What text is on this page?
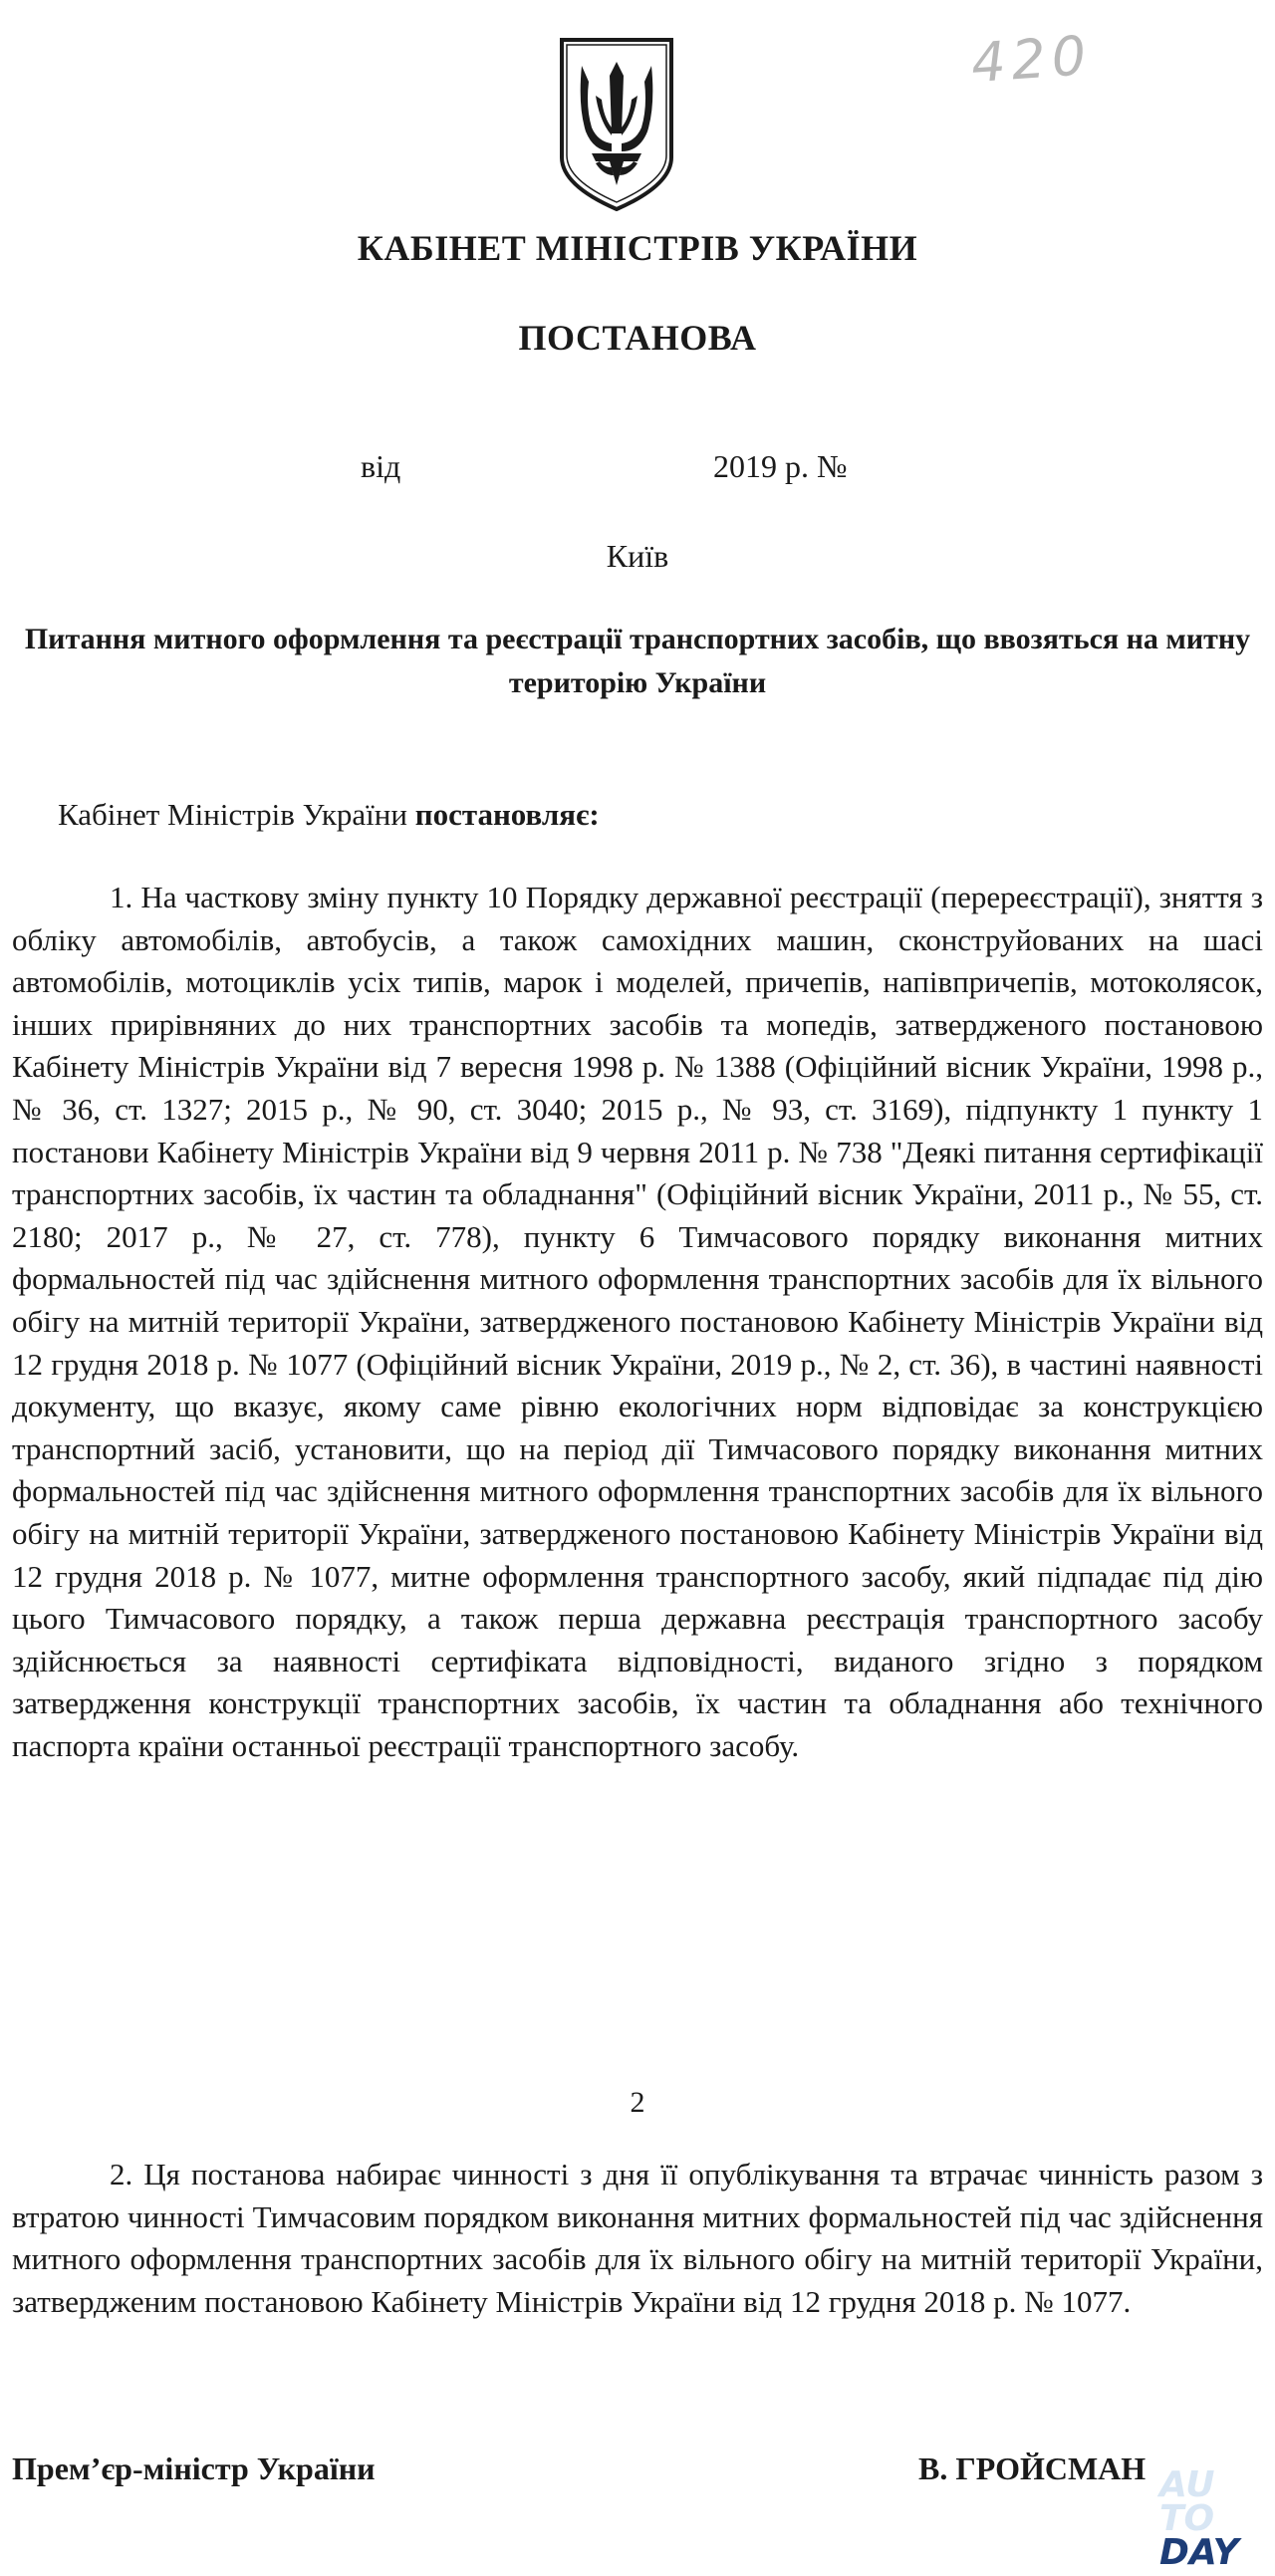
420
КАБІНЕТ МІНІСТРІВ УКРАЇНИ
ПОСТАНОВА
від	2019 р. №
Київ
Питання митного оформлення та реєстрації транспортних засобів, що ввозяться на митну територію України
Кабінет Міністрів України постановляє:
1. На часткову зміну пункту 10 Порядку державної реєстрації (перереєстрації), зняття з обліку автомобілів, автобусів, а також самохідних машин, сконструйованих на шасі автомобілів, мотоциклів усіх типів, марок і моделей, причепів, напівпричепів, мотоколясок, інших прирівняних до них транспортних засобів та мопедів, затвердженого постановою Кабінету Міністрів України від 7 вересня 1998 р. № 1388 (Офіційний вісник України, 1998 р., № 36, ст. 1327; 2015 р., № 90, ст. 3040; 2015 р., № 93, ст. 3169), підпункту 1 пункту 1 постанови Кабінету Міністрів України від 9 червня 2011 р. № 738 "Деякі питання сертифікації транспортних засобів, їх частин та обладнання" (Офіційний вісник України, 2011 р., № 55, ст. 2180; 2017 р., № 27, ст. 778), пункту 6 Тимчасового порядку виконання митних формальностей під час здійснення митного оформлення транспортних засобів для їх вільного обігу на митній території України, затвердженого постановою Кабінету Міністрів України від 12 грудня 2018 р. № 1077 (Офіційний вісник України, 2019 р., № 2, ст. 36), в частині наявності документу, що вказує, якому саме рівню екологічних норм відповідає за конструкцією транспортний засіб, установити, що на період дії Тимчасового порядку виконання митних формальностей під час здійснення митного оформлення транспортних засобів для їх вільного обігу на митній території України, затвердженого постановою Кабінету Міністрів України від 12 грудня 2018 р. № 1077, митне оформлення транспортного засобу, який підпадає під дію цього Тимчасового порядку, а також перша державна реєстрація транспортного засобу здійснюється за наявності сертифіката відповідності, виданого згідно з порядком затвердження конструкції транспортних засобів, їх частин та обладнання або технічного паспорта країни останньої реєстрації транспортного засобу.
2
2. Ця постанова набирає чинності з дня її опублікування та втрачає чинність разом з втратою чинності Тимчасовим порядком виконання митних формальностей під час здійснення митного оформлення транспортних засобів для їх вільного обігу на митній території України, затвердженим постановою Кабінету Міністрів України від 12 грудня 2018 р. № 1077.
Прем’єр-міністр України	В. ГРОЙСМАН AU
TO
DAY
